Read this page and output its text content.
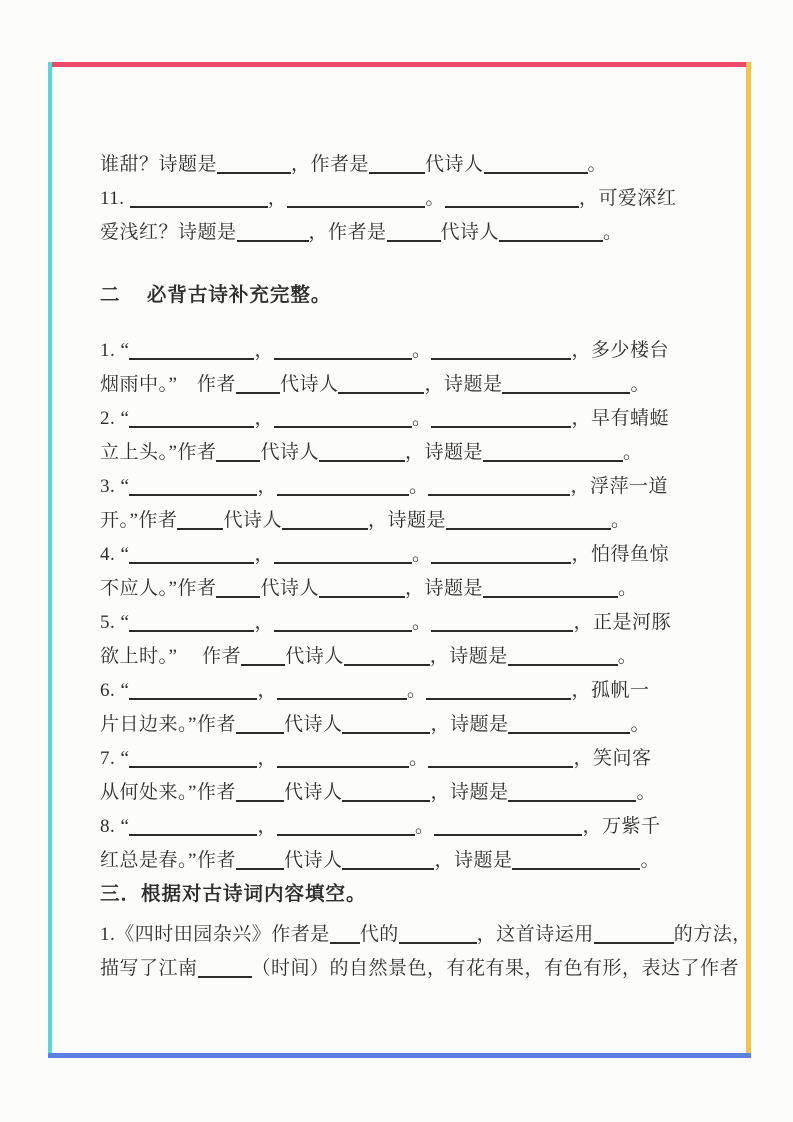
谁甜？诗题是	，作者是	代诗人	。
11.	，	。	，可爱深红
爱浅红？诗题是	，作者是	代诗人	。
二　 必背古诗补充完整。
1. “	，	。	，多少楼台
烟雨中。”　作者 代诗人	，诗题是	。
2. “	，	。	，早有蜻蜓
立上头。”作者 代诗人	，诗题是	。
3. “	，	。	，浮萍一道
开。”作者 代诗人	，诗题是	。
4. “	，	。	，怕得鱼惊
不应人。”作者 代诗人	，诗题是	。
5. “	，	。	，正是河豚
欲上时。”　 作者 代诗人	，诗题是	。
6. “	，	。	，孤帆一
片日边来。”作者	代诗人	，诗题是	。
7. “	，	。	，笑问客
从何处来。”作者	代诗人	，诗题是	。
8. “	，	。	，万紫千
红总是春。”作者	代诗人	，诗题是	。
三．根据对古诗词内容填空。
1.《四时田园杂兴》作者是 代的	，这首诗运用	的方法，
描写了江南	（时间）的自然景色，有花有果，有色有形，表达了作者
